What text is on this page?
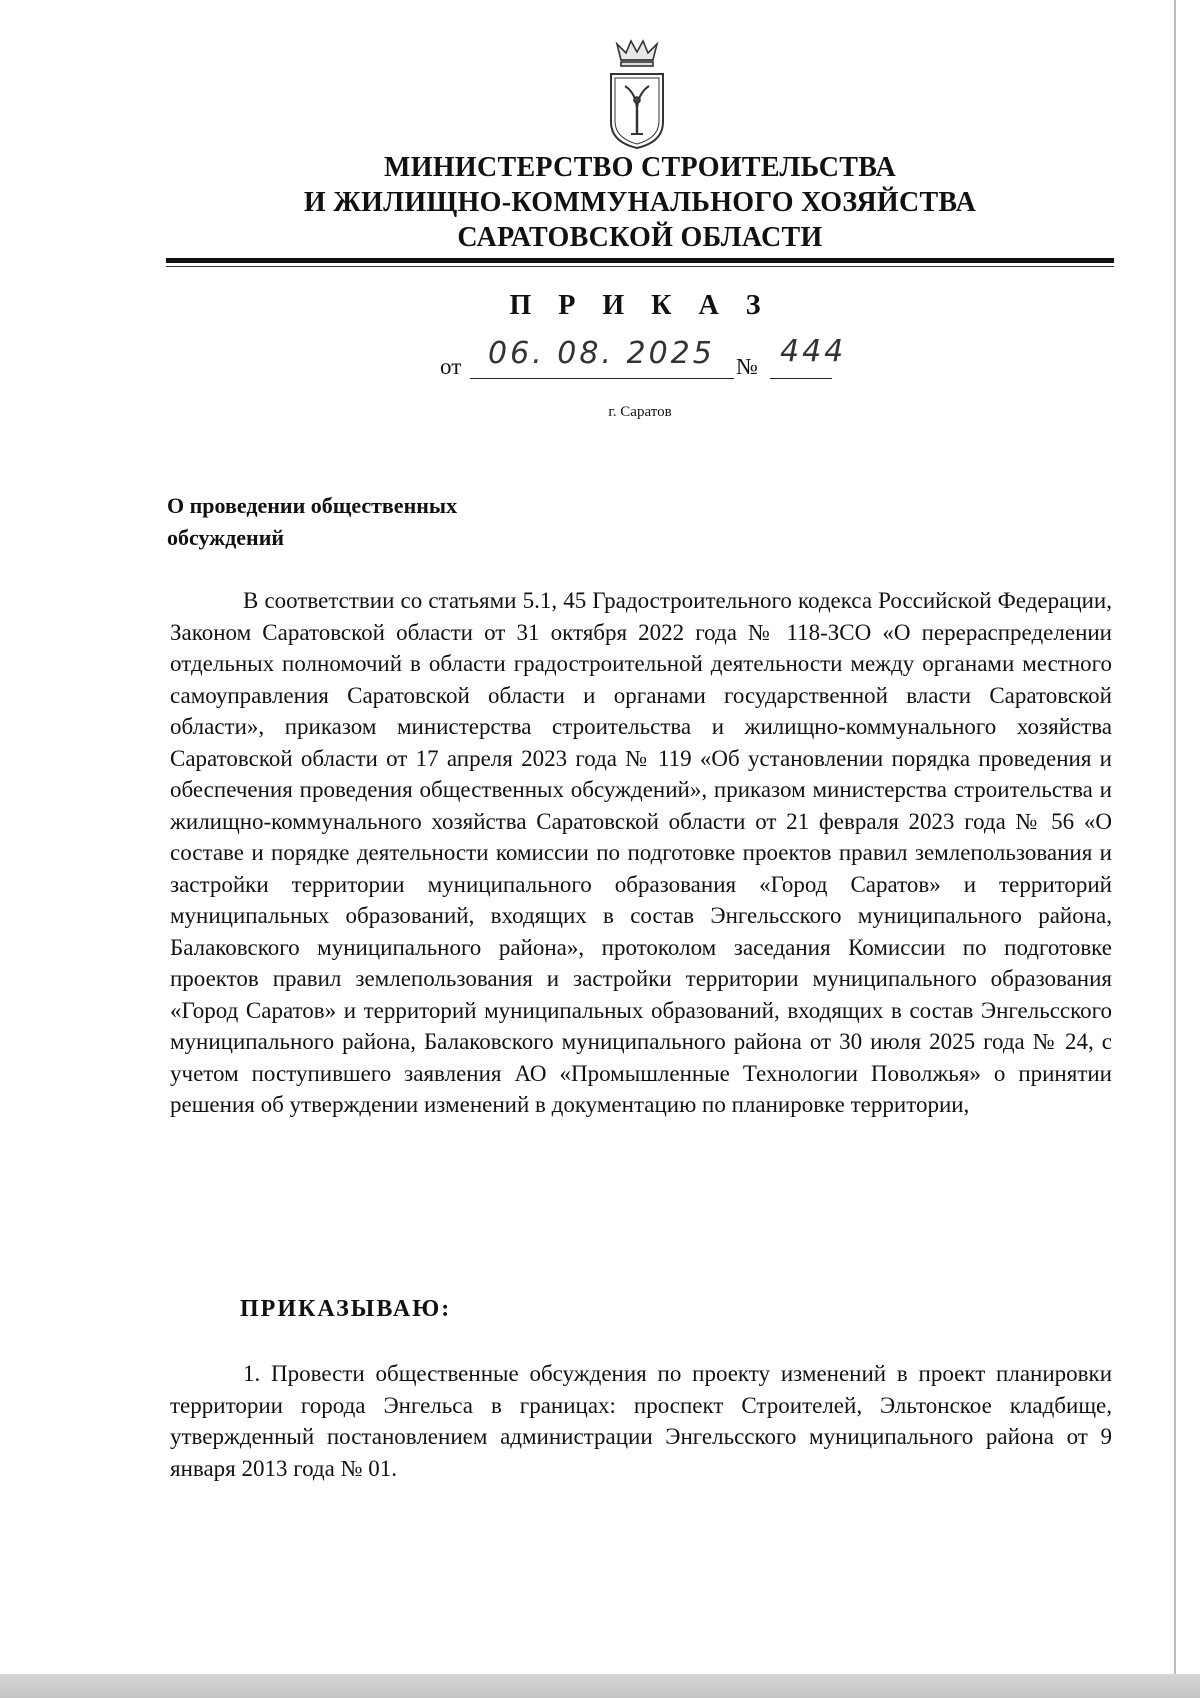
МИНИСТЕРСТВО СТРОИТЕЛЬСТВА
И ЖИЛИЩНО-КОММУНАЛЬНОГО ХОЗЯЙСТВА
САРАТОВСКОЙ ОБЛАСТИ
П Р И К А З
от 06. 08. 2025 № 444
г. Саратов
О проведении общественных
обсуждений
В соответствии со статьями 5.1, 45 Градостроительного кодекса Российской Федерации, Законом Саратовской области от 31 октября 2022 года № 118-ЗСО «О перераспределении отдельных полномочий в области градостроительной деятельности между органами местного самоуправления Саратовской области и органами государственной власти Саратовской области», приказом министерства строительства и жилищно-коммунального хозяйства Саратовской области от 17 апреля 2023 года № 119 «Об установлении порядка проведения и обеспечения проведения общественных обсуждений», приказом министерства строительства и жилищно-коммунального хозяйства Саратовской области от 21 февраля 2023 года № 56 «О составе и порядке деятельности комиссии по подготовке проектов правил землепользования и застройки территории муниципального образования «Город Саратов» и территорий муниципальных образований, входящих в состав Энгельсского муниципального района, Балаковского муниципального района», протоколом заседания Комиссии по подготовке проектов правил землепользования и застройки территории муниципального образования «Город Саратов» и территорий муниципальных образований, входящих в состав Энгельсского муниципального района, Балаковского муниципального района от 30 июля 2025 года № 24, с учетом поступившего заявления АО «Промышленные Технологии Поволжья» о принятии решения об утверждении изменений в документацию по планировке территории,
ПРИКАЗЫВАЮ:
1. Провести общественные обсуждения по проекту изменений в проект планировки территории города Энгельса в границах: проспект Строителей, Эльтонское кладбище, утвержденный постановлением администрации Энгельсского муниципального района от 9 января 2013 года № 01.
